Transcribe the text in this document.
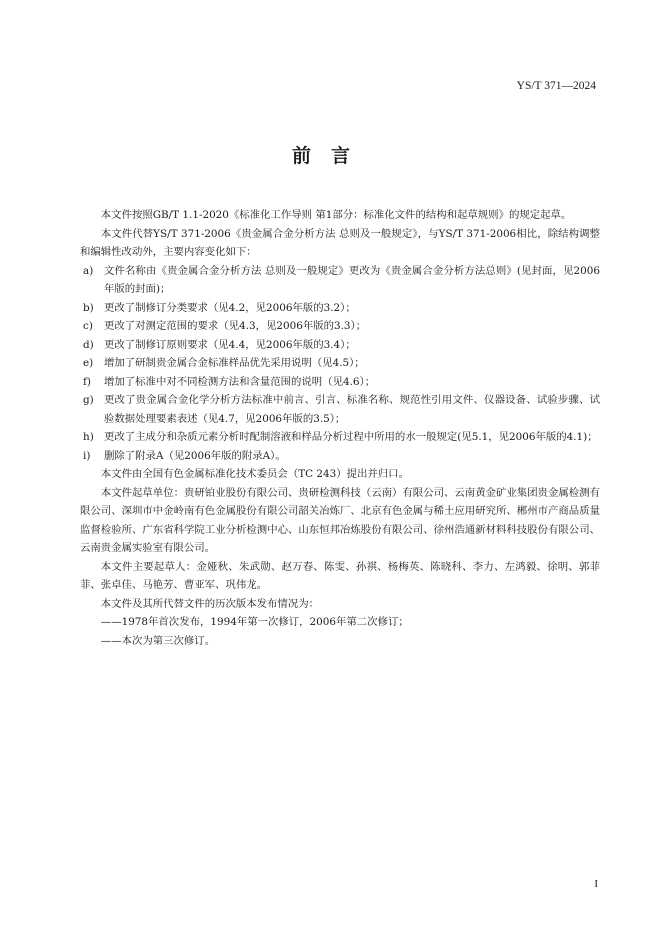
YS/T 371—2024
前言

本文件按照GB/T 1.1-2020《标准化工作导则 第1部分：标准化文件的结构和起草规则》的规定起草。

本文件代替YS/T 371-2006《贵金属合金分析方法 总则及一般规定》，与YS/T 371-2006相比，除结构调整和编辑性改动外，主要内容变化如下：

a)	文件名称由《贵金属合金分析方法 总则及一般规定》更改为《贵金属合金分析方法总则》(见封面，见2006年版的封面)；
b) 更改了制修订分类要求（见4.2，见2006年版的3.2）；
c)	更改了对测定范围的要求（见4.3，见2006年版的3.3）；
d) 更改了制修订原则要求（见4.4，见2006年版的3.4）；
e)	增加了研制贵金属合金标准样品优先采用说明（见4.5）；
f)	增加了标准中对不同检测方法和含量范围的说明（见4.6）；
g) 更改了贵金属合金化学分析方法标准中前言、引言、标准名称、规范性引用文件、仪器设备、试验步骤、试验数据处理要素表述（见4.7，见2006年版的3.5）；
h) 更改了主成分和杂质元素分析时配制溶液和样品分析过程中所用的水一般规定(见5.1，见2006年版的4.1)；
i)	删除了附录A（见2006年版的附录A）。

本文件由全国有色金属标准化技术委员会（TC 243）提出并归口。

本文件起草单位：贵研铂业股份有限公司、贵研检测科技（云南）有限公司、云南黄金矿业集团贵金属检测有限公司、深圳市中金岭南有色金属股份有限公司韶关冶炼厂、北京有色金属与稀土应用研究所、郴州市产商品质量监督检验所、广东省科学院工业分析检测中心、山东恒邦冶炼股份有限公司、徐州浩通新材料科技股份有限公司、云南贵金属实验室有限公司。

本文件主要起草人：金娅秋、朱武勋、赵万春、陈雯、孙祺、杨梅英、陈晓科、李力、左鸿毅、徐明、郭菲菲、张卓佳、马艳芳、曹亚军、巩伟龙。

本文件及其所代替文件的历次版本发布情况为：

——1978年首次发布，1994年第一次修订，2006年第二次修订；

——本次为第三次修订。

I
